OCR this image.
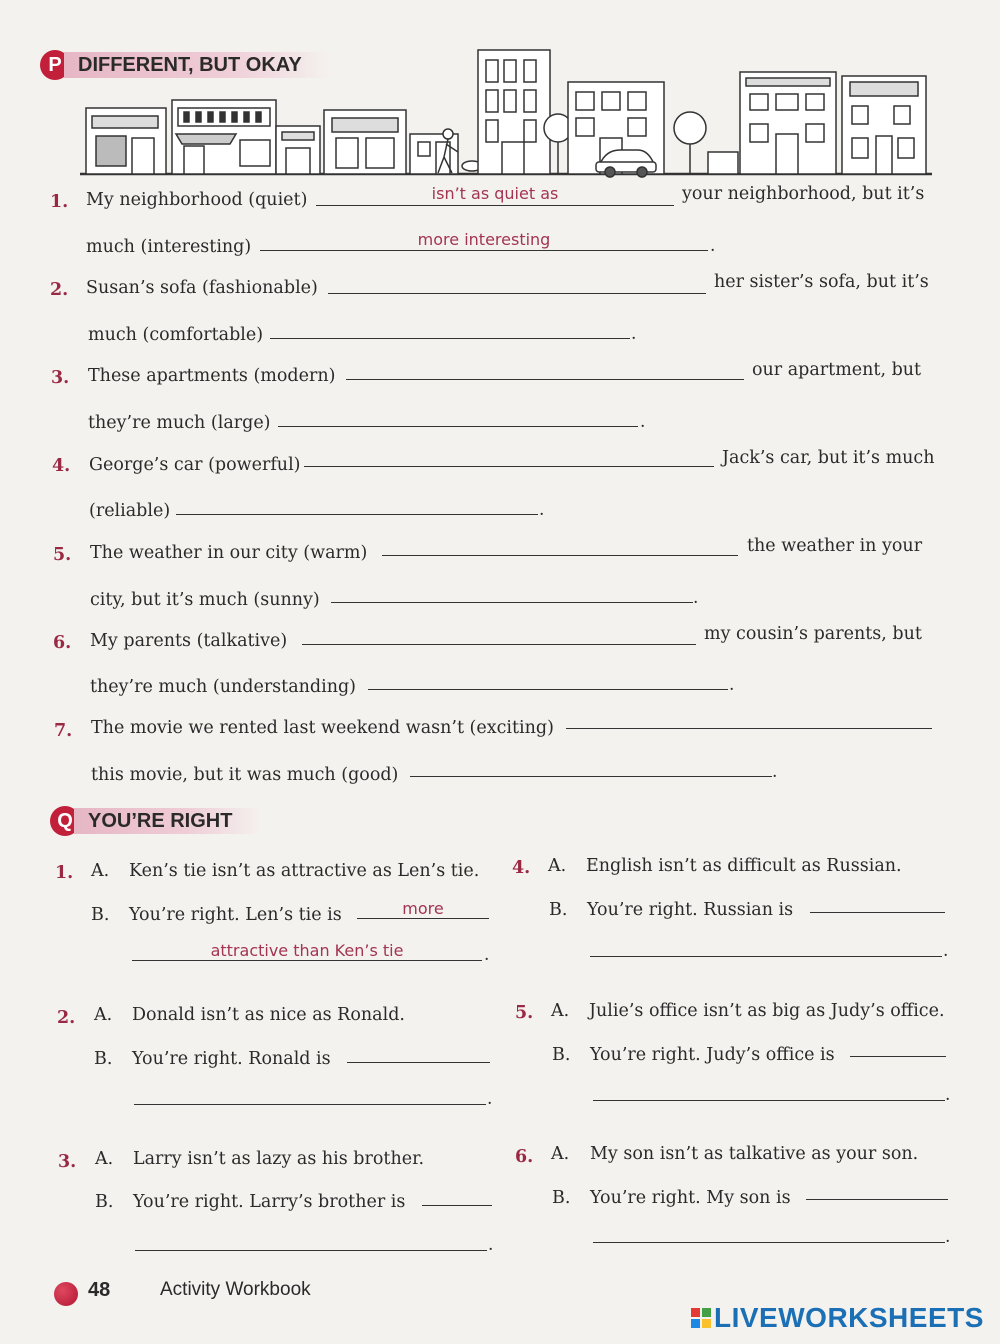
P DIFFERENT, BUT OKAY
1. My neighborhood (quiet)	isn’t as quiet as	your neighborhood, but it’s
much (interesting)	more interesting	.
2. Susan’s sofa (fashionable)	her sister’s sofa, but it’s
much (comfortable)	.
3. These apartments (modern)	our apartment, but
they’re much (large)	.
4. George’s car (powerful)	Jack’s car, but it’s much
(reliable)	.
5. The weather in our city (warm)	the weather in your
city, but it’s much (sunny)	.
6. My parents (talkative)	my cousin’s parents, but
they’re much (understanding)	.
7. The movie we rented last weekend wasn’t (exciting)
this movie, but it was much (good)	.
Q YOU’RE RIGHT
1. A. Ken’s tie isn’t as attractive as Len’s tie.
B. You’re right. Len’s tie is	more
attractive than Ken’s tie	.
2. A. Donald isn’t as nice as Ronald.
B. You’re right. Ronald is
.
3. A. Larry isn’t as lazy as his brother.
B. You’re right. Larry’s brother is
.
4. A. English isn’t as difficult as Russian.
B. You’re right. Russian is
.
5. A. Julie’s office isn’t as big as Judy’s office.
B. You’re right. Judy’s office is
.
6. A. My son isn’t as talkative as your son.
B. You’re right. My son is
.
48	Activity Workbook
LIVEWORKSHEETS
